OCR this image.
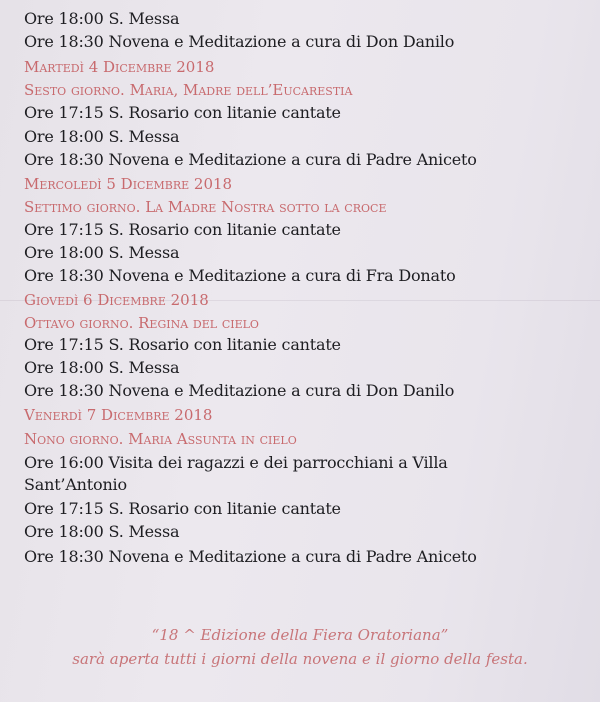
Ore 18:00 S. Messa
Ore 18:30 Novena e Meditazione a cura di Don Danilo
Martedì 4 Dicembre 2018
Sesto giorno. Maria, Madre dell’Eucarestia
Ore 17:15 S. Rosario con litanie cantate
Ore 18:00 S. Messa
Ore 18:30 Novena e Meditazione a cura di Padre Aniceto
Mercoledì 5 Dicembre 2018
Settimo giorno. La Madre Nostra sotto la croce
Ore 17:15 S. Rosario con litanie cantate
Ore 18:00 S. Messa
Ore 18:30 Novena e Meditazione a cura di Fra Donato
Giovedì 6 Dicembre 2018
Ottavo giorno. Regina del cielo
Ore 17:15 S. Rosario con litanie cantate
Ore 18:00 S. Messa
Ore 18:30 Novena e Meditazione a cura di Don Danilo
Venerdì 7 Dicembre 2018
Nono giorno. Maria Assunta in cielo
Ore 16:00 Visita dei ragazzi e dei parrocchiani a Villa
Sant’Antonio
Ore 17:15 S. Rosario con litanie cantate
Ore 18:00 S. Messa
Ore 18:30 Novena e Meditazione a cura di Padre Aniceto
“18 ^ Edizione della Fiera Oratoriana”
sarà aperta tutti i giorni della novena e il giorno della festa.
